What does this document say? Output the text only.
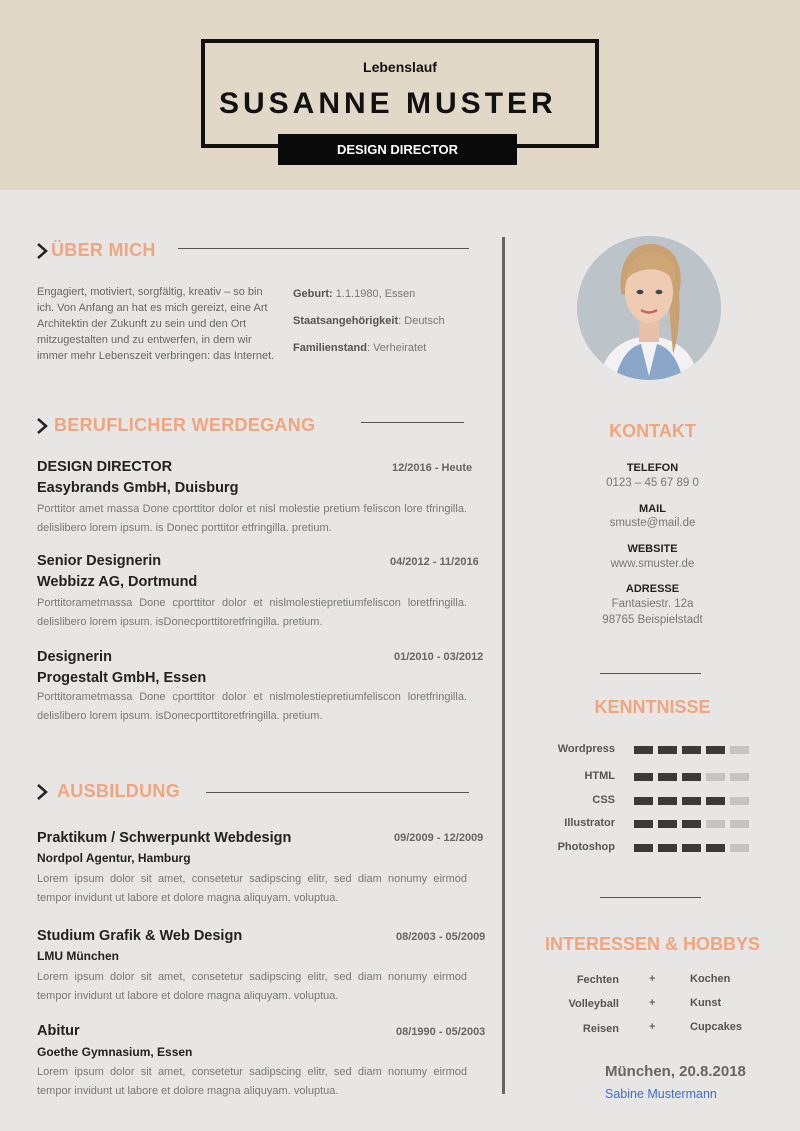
Lebenslauf
SUSANNE MUSTER
DESIGN DIRECTOR
ÜBER MICH
Engagiert, motiviert, sorgfältig, kreativ – so bin ich. Von Anfang an hat es mich gereizt, eine Art Architektin der Zukunft zu sein und den Ort mitzugestalten und zu entwerfen, in dem wir immer mehr Lebenszeit verbringen: das Internet.
Geburt: 1.1.1980, Essen
Staatsangehörigkeit: Deutsch
Familienstand: Verheiratet
BERUFLICHER WERDEGANG
DESIGN DIRECTOR	12/2016 - Heute
Easybrands GmbH, Duisburg
Porttitor amet massa Done cporttitor dolor et nisl molestie pretium feliscon lore tfringilla. delislibero lorem ipsum. is Donec porttitor etfringilla. pretium.
Senior Designerin	04/2012 - 11/2016
Webbizz AG, Dortmund
Porttitorametmassa Done cporttitor dolor et nislmolestiepretiumfeliscon loretfringilla. delislibero lorem ipsum. isDonecporttitoretfringilla. pretium.
Designerin	01/2010 - 03/2012
Progestalt GmbH, Essen
Porttitorametmassa Done cporttitor dolor et nislmolestiepretiumfeliscon loretfringilla. delislibero lorem ipsum. isDonecporttitoretfringilla. pretium.
AUSBILDUNG
Praktikum / Schwerpunkt Webdesign	09/2009 - 12/2009
Nordpol Agentur, Hamburg
Lorem ipsum dolor sit amet, consetetur sadipscing elitr, sed diam nonumy eirmod tempor invidunt ut labore et dolore magna aliquyam. voluptua.
Studium Grafik & Web Design	08/2003 - 05/2009
LMU München
Lorem ipsum dolor sit amet, consetetur sadipscing elitr, sed diam nonumy eirmod tempor invidunt ut labore et dolore magna aliquyam. voluptua.
Abitur	08/1990 - 05/2003
Goethe Gymnasium, Essen
Lorem ipsum dolor sit amet, consetetur sadipscing elitr, sed diam nonumy eirmod tempor invidunt ut labore et dolore magna aliquyam. voluptua.
KONTAKT
TELEFON
0123 – 45 67 89 0
MAIL
smuste@mail.de
WEBSITE
www.smuster.de
ADRESSE
Fantasiestr. 12a
98765 Beispielstadt
KENNTNISSE
Wordpress
HTML
CSS
Illustrator
Photoshop
INTERESSEN & HOBBYS
Fechten	+	Kochen
Volleyball	+	Kunst
Reisen	+	Cupcakes
München, 20.8.2018
Sabine Mustermann
